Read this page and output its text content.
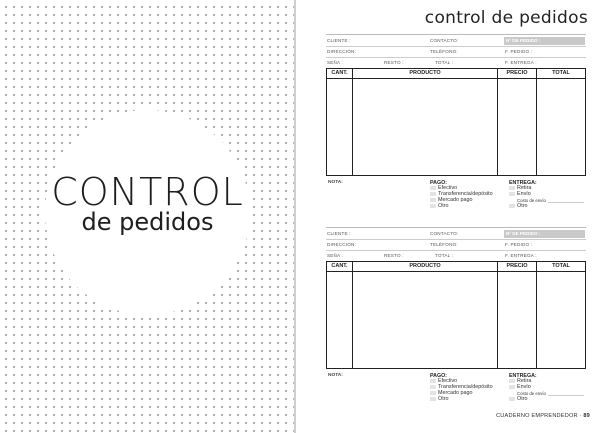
CONTROL
de pedidos
control de pedidos
CLIENTE :	CONTACTO:	Nº DE PEDIDO :
DIRECCIÓN:	TELÉFONO:	F. PEDIDO :
SEÑA :	RESTO :	TOTAL :	F. ENTREGA :
CANT.	PRODUCTO	PRECIO	TOTAL
NOTA:	PAGO:
Efectivo
Transferencia/depósito
Mercado pago
Otro
ENTREGA:
Retira
Envío
Costo de envío
Otro
CLIENTE :	CONTACTO:	Nº DE PEDIDO :
DIRECCIÓN:	TELÉFONO:	F. PEDIDO :
SEÑA :	RESTO :	TOTAL :	F. ENTREGA :
CANT.	PRODUCTO	PRECIO	TOTAL
NOTA:	PAGO:
Efectivo
Transferencia/depósito
Mercado pago
Otro
ENTREGA:
Retira
Envío
Costo de envío
Otro
CUADERNO EMPRENDEDOR · 89
